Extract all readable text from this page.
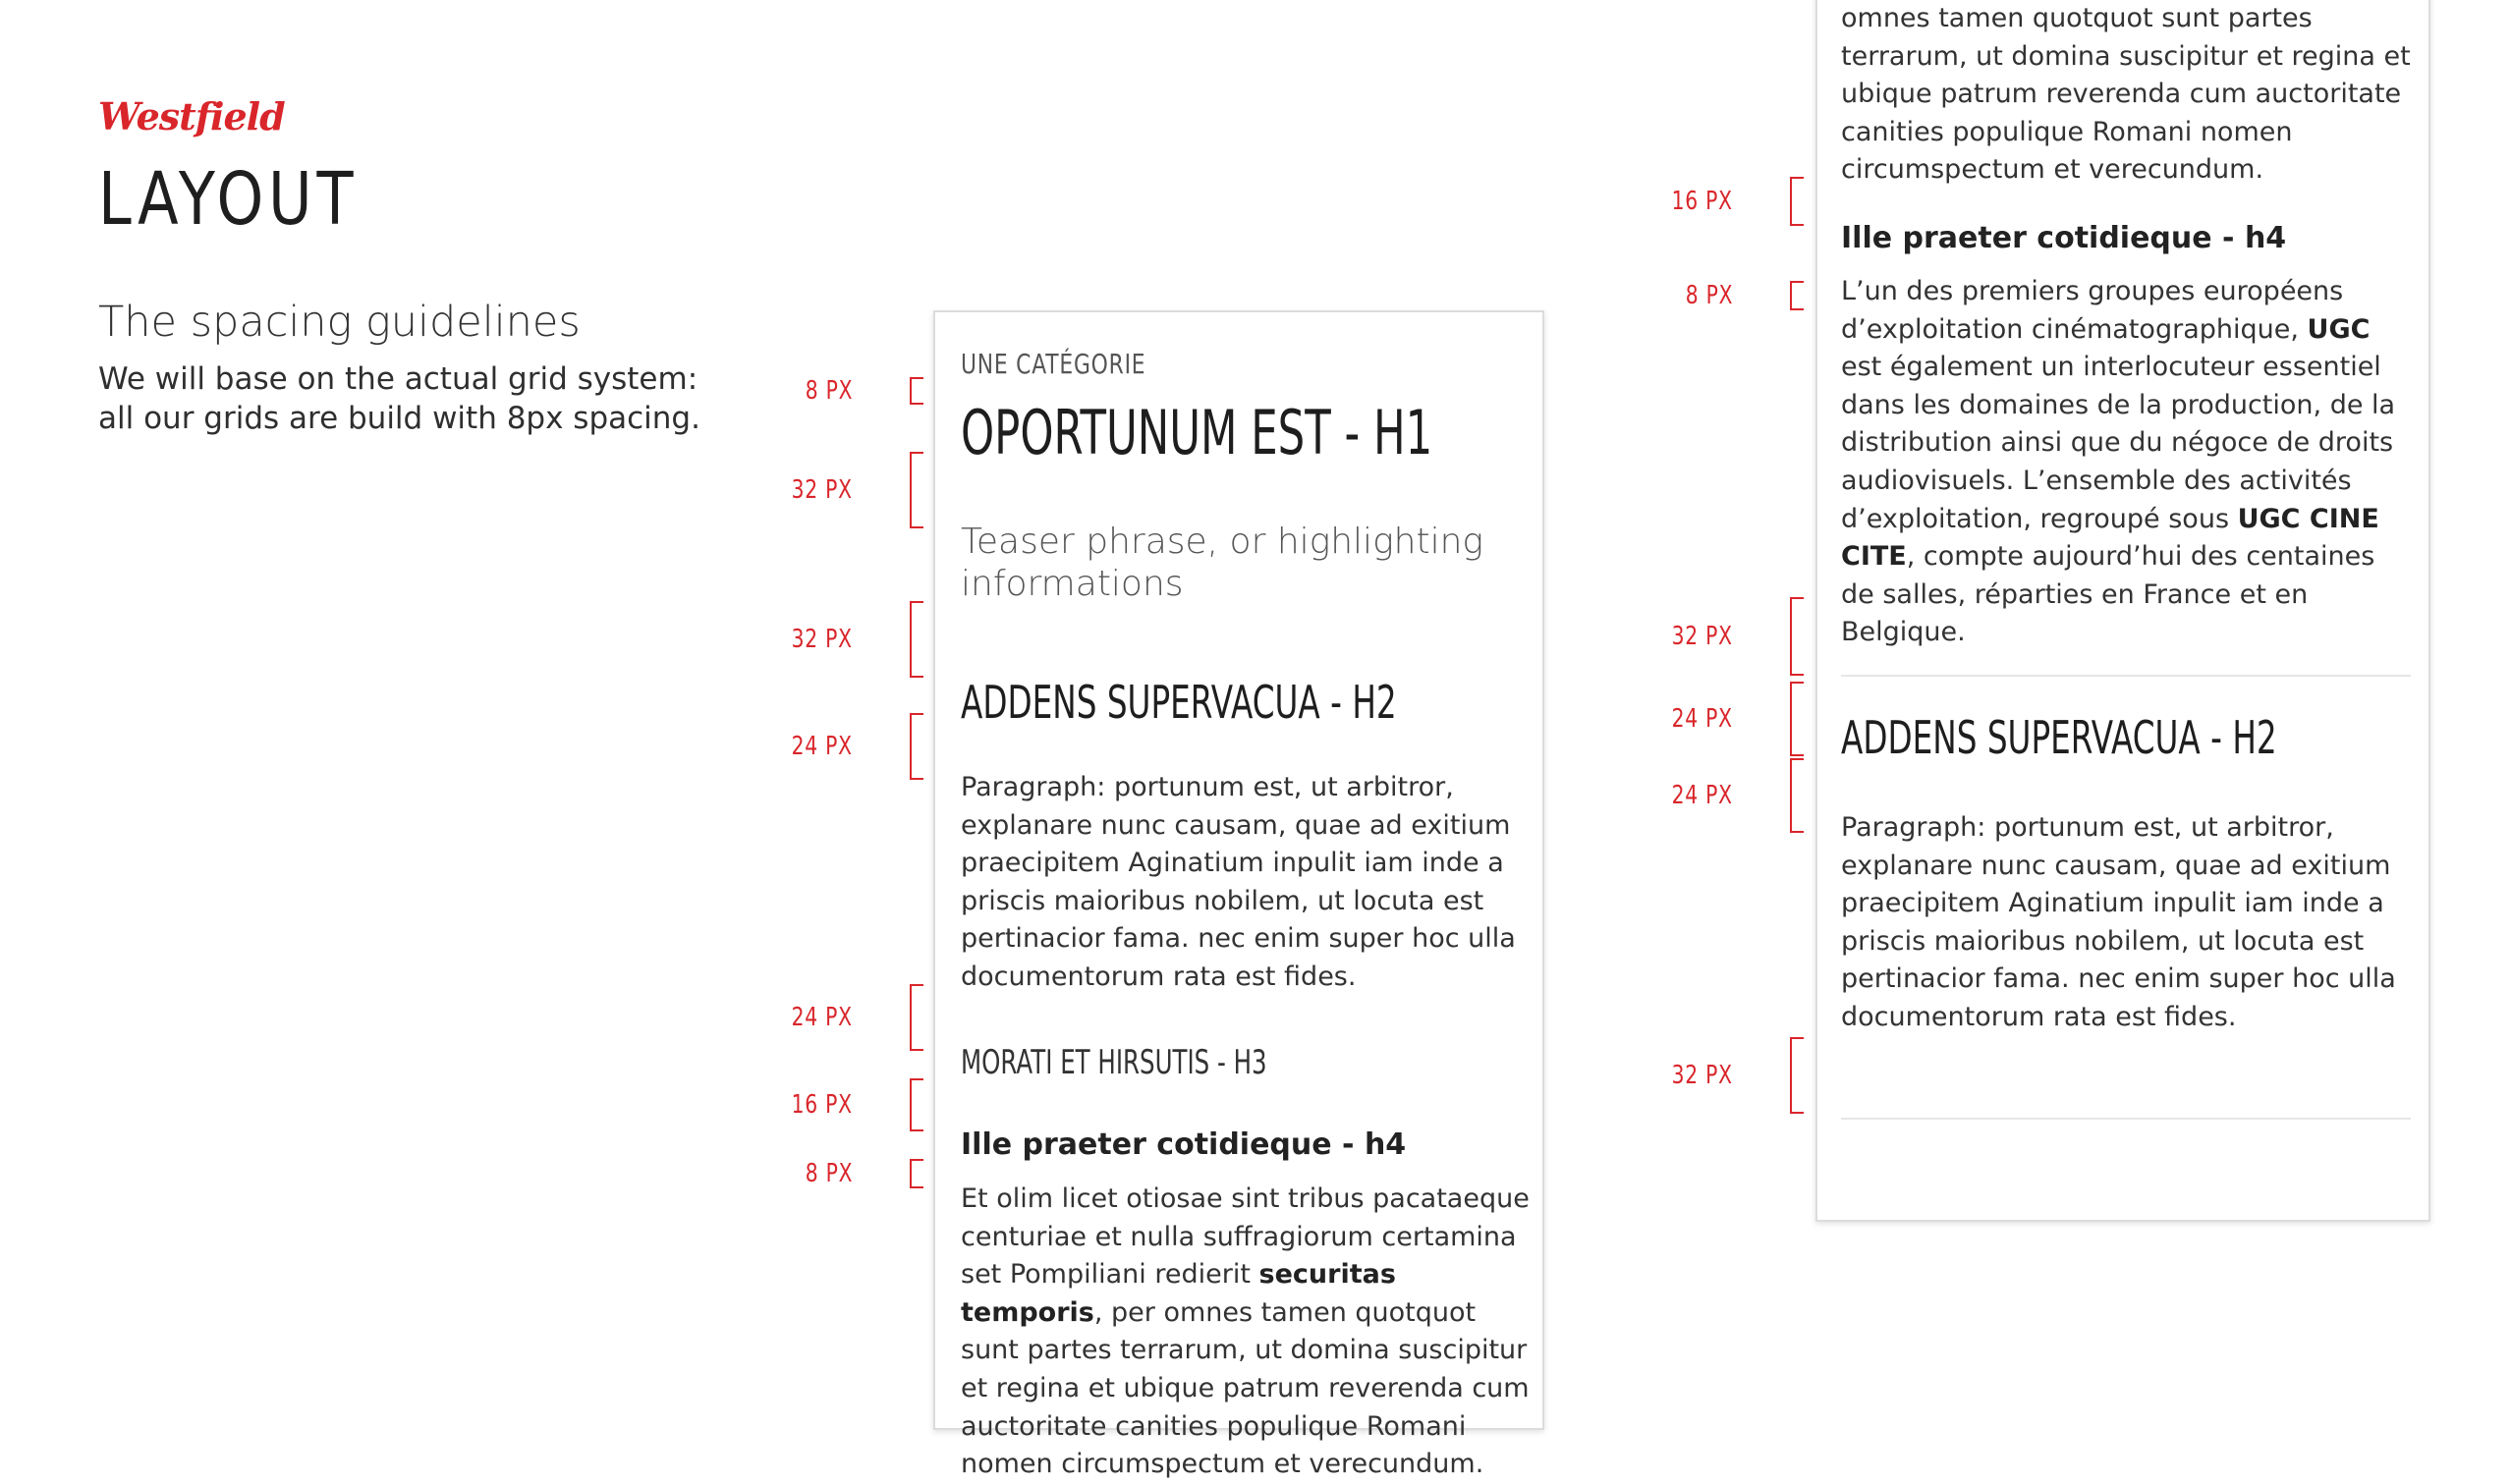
Westfield
LAYOUT
The spacing guidelines
We will base on the actual grid system: all our grids are build with 8px spacing.
UNE CATÉGORIE
OPORTUNUM EST - H1
Teaser phrase, or highlighting informations
ADDENS SUPERVACUA - H2
Paragraph: portunum est, ut arbitror, explanare nunc causam, quae ad exitium praecipitem Aginatium inpulit iam inde a priscis maioribus nobilem, ut locuta est pertinacior fama. nec enim super hoc ulla documentorum rata est fides.
MORATI ET HIRSUTIS - H3
Ille praeter cotidieque - h4
Et olim licet otiosae sint tribus pacataeque centuriae et nulla suffragiorum certamina set Pompiliani redierit securitas temporis, per omnes tamen quotquot sunt partes terrarum, ut domina suscipitur et regina et ubique patrum reverenda cum auctoritate canities populique Romani nomen circumspectum et verecundum.
omnes tamen quotquot sunt partes terrarum, ut domina suscipitur et regina et ubique patrum reverenda cum auctoritate canities populique Romani nomen circumspectum et verecundum.
Ille praeter cotidieque - h4
L’un des premiers groupes européens d’exploitation cinématographique, UGC est également un interlocuteur essentiel dans les domaines de la production, de la distribution ainsi que du négoce de droits audiovisuels. L’ensemble des activités d’exploitation, regroupé sous UGC CINE CITE, compte aujourd’hui des centaines de salles, réparties en France et en Belgique.
ADDENS SUPERVACUA - H2
Paragraph: portunum est, ut arbitror, explanare nunc causam, quae ad exitium praecipitem Aginatium inpulit iam inde a priscis maioribus nobilem, ut locuta est pertinacior fama. nec enim super hoc ulla documentorum rata est fides.
8 PX
32 PX
32 PX
24 PX
24 PX
16 PX
8 PX
16 PX
8 PX
32 PX
24 PX
24 PX
32 PX
